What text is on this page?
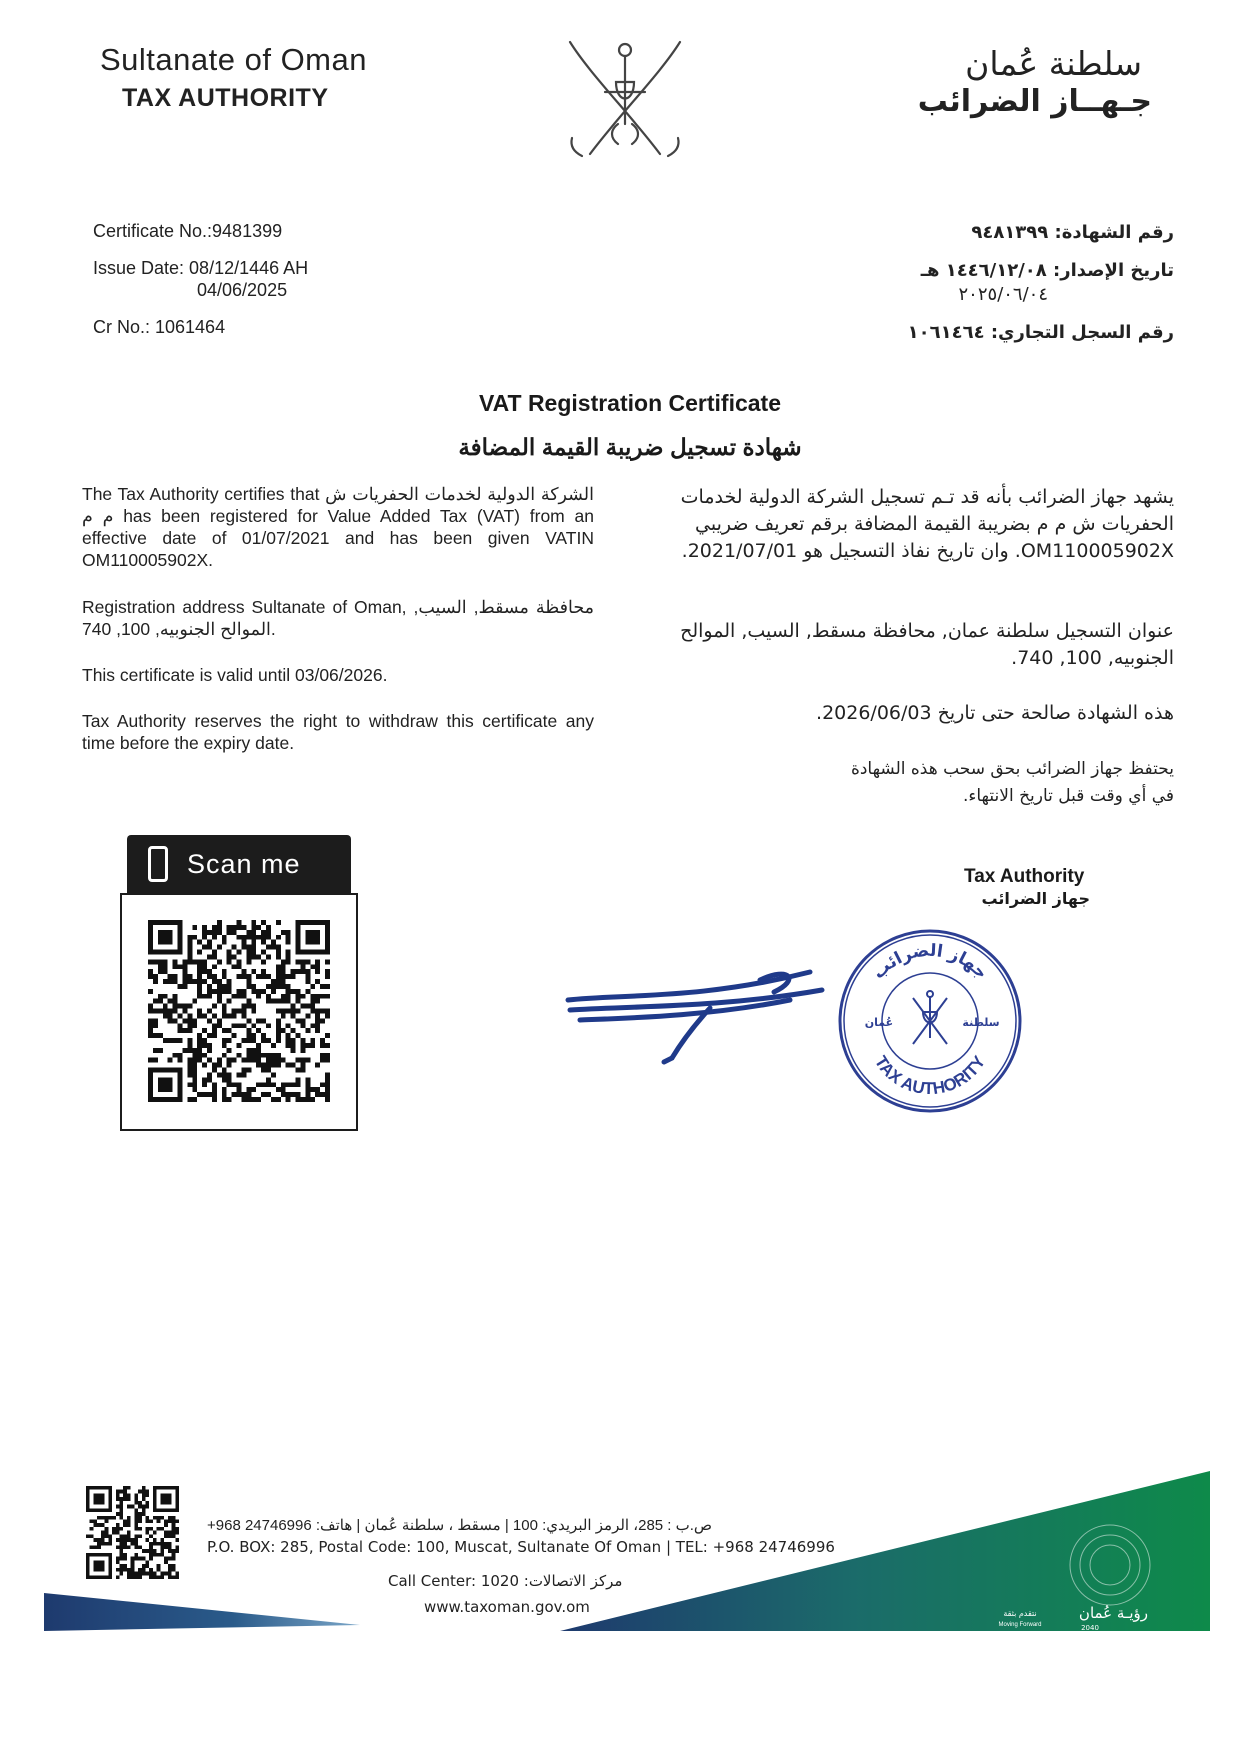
Sultanate of Oman
TAX AUTHORITY
سلطنة عُمان
جـهــاز الضرائب
Certificate No.:9481399
Issue Date: 08/12/1446 AH
04/06/2025
Cr No.: 1061464
رقم الشهادة: ٩٤٨١٣٩٩
تاريخ الإصدار: ١٤٤٦/١٢/٠٨ هـ
٢٠٢٥/٠٦/٠٤
رقم السجل التجاري: ١٠٦١٤٦٤
VAT Registration Certificate
شهادة تسجيل ضريبة القيمة المضافة
The Tax Authority certifies that الشركة الدولية لخدمات الحفريات ش م م has been registered for Value Added Tax (VAT) from an effective date of 01/07/2021 and has been given VATIN OM110005902X.
Registration address Sultanate of Oman, محافظة مسقط, السيب, الموالح الجنوبيه, 100, 740.
This certificate is valid until 03/06/2026.
Tax Authority reserves the right to withdraw this certificate any time before the expiry date.
يشهد جهاز الضرائب بأنه قد تـم تسجيل الشركة الدولية لخدمات الحفريات ش م م بضريبة القيمة المضافة برقم تعريف ضريبي OM110005902X. وان تاريخ نفاذ التسجيل هو 2021/07/01.
عنوان التسجيل سلطنة عمان, محافظة مسقط, السيب, الموالح الجنوبيه, 100, 740.
هذه الشهادة صالحة حتى تاريخ 2026/06/03.
يحتفظ جهاز الضرائب بحق سحب هذه الشهادة في أي وقت قبل تاريخ الانتهاء.
Scan me	Tax Authority
جهاز الضرائب
جهاز الضرائب
TAX AUTHORITY
عُمان	سلطنة
ص.ب : 285، الرمز البريدي: 100 | مسقط ، سلطنة عُمان | هاتف: 24746996 968+
P.O. BOX: 285, Postal Code: 100, Muscat, Sultanate Of Oman | TEL: +968 24746996
Call Center: 1020 :مركز الاتصالات
www.taxoman.gov.om	رؤيـة عُمان
2040
نتقدم بثقة
Moving Forward
